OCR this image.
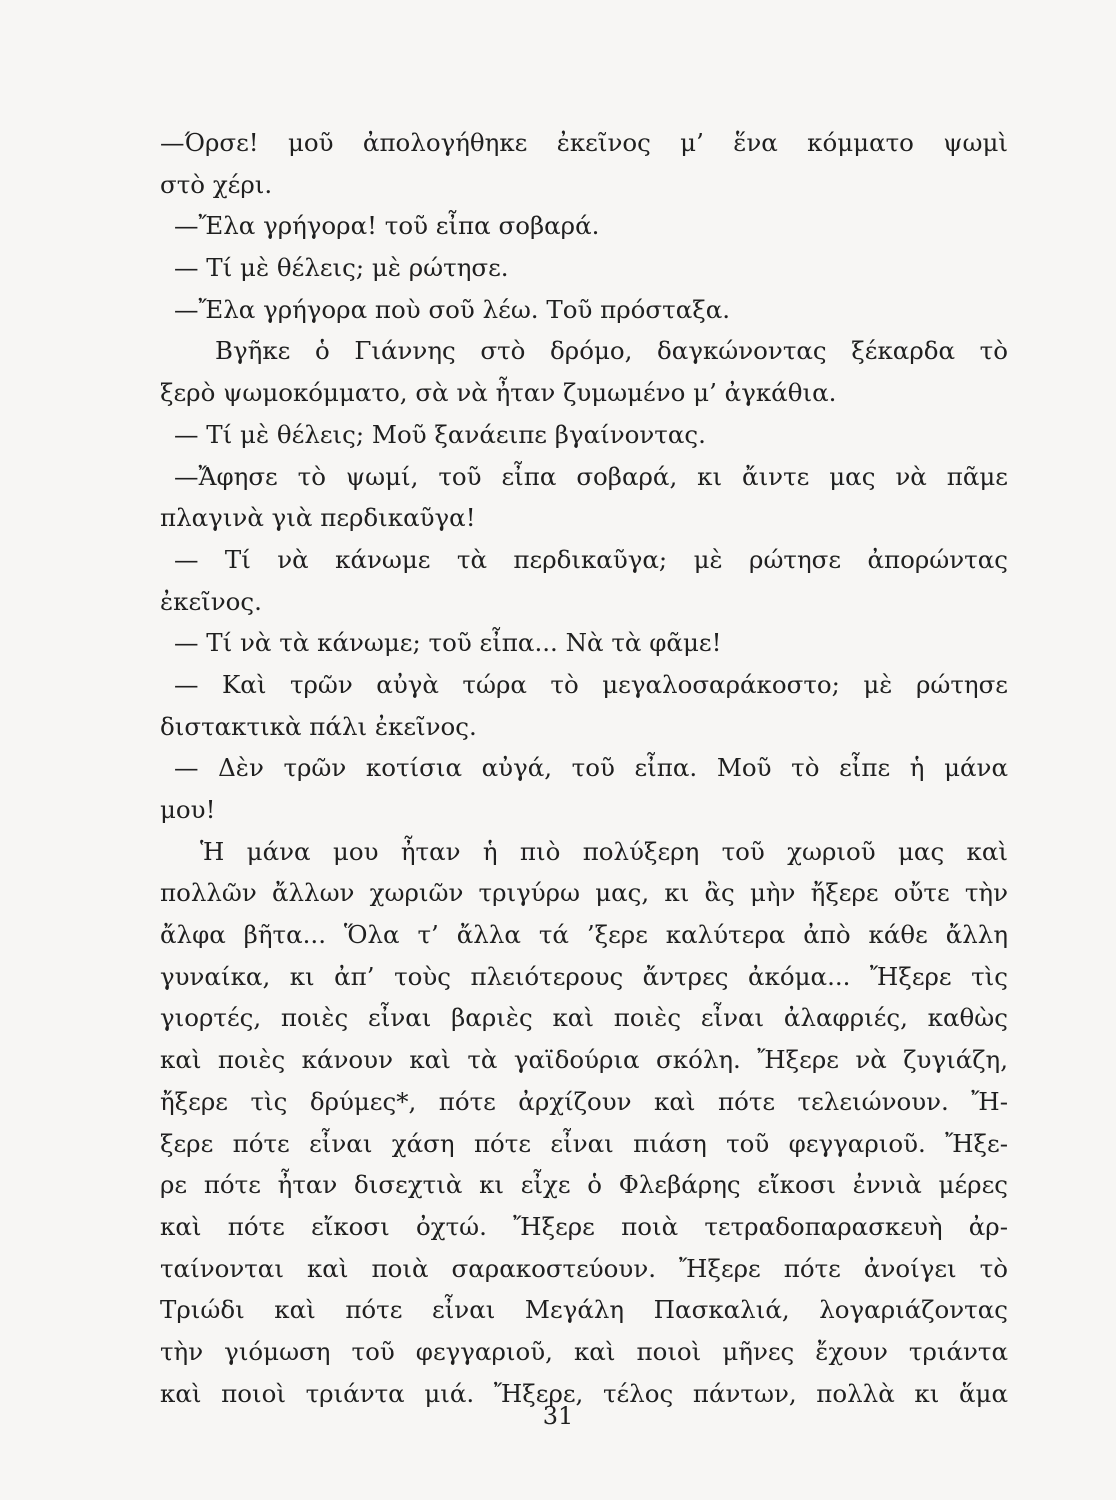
—Όρσε! μοῦ ἀπολογήθηκε ἐκεῖνος μ’ ἕνα κόμματο ψωμὶ
στὸ χέρι.
—Ἔλα γρήγορα! τοῦ εἶπα σοβαρά.
— Τί μὲ θέλεις; μὲ ρώτησε.
—Ἔλα γρήγορα ποὺ σοῦ λέω. Τοῦ πρόσταξα.
Βγῆκε ὁ Γιάννης στὸ δρόμο, δαγκώνοντας ξέκαρδα τὸ
ξερὸ ψωμοκόμματο, σὰ νὰ ἦταν ζυμωμένο μ’ ἀγκάθια.
— Τί μὲ θέλεις; Μοῦ ξανάειπε βγαίνοντας.
—Ἄφησε τὸ ψωμί, τοῦ εἶπα σοβαρά, κι ἄιντε μας νὰ πᾶμε
πλαγινὰ γιὰ περδικαῦγα!
— Τί νὰ κάνωμε τὰ περδικαῦγα; μὲ ρώτησε ἀπορώντας
ἐκεῖνος.
— Τί νὰ τὰ κάνωμε; τοῦ εἶπα... Νὰ τὰ φᾶμε!
— Καὶ τρῶν αὐγὰ τώρα τὸ μεγαλοσαράκοστο; μὲ ρώτησε
διστακτικὰ πάλι ἐκεῖνος.
— Δὲν τρῶν κοτίσια αὐγά, τοῦ εἶπα. Μοῦ τὸ εἶπε ἡ μάνα
μου!
Ἡ μάνα μου ἦταν ἡ πιὸ πολύξερη τοῦ χωριοῦ μας καὶ
πολλῶν ἄλλων χωριῶν τριγύρω μας, κι ἂς μὴν ἤξερε οὔτε τὴν
ἄλφα βῆτα... Ὅλα τ’ ἄλλα τά ’ξερε καλύτερα ἀπὸ κάθε ἄλλη
γυναίκα, κι ἀπ’ τοὺς πλειότερους ἄντρες ἀκόμα... Ἤξερε τὶς
γιορτές, ποιὲς εἶναι βαριὲς καὶ ποιὲς εἶναι ἀλαφριές, καθὼς
καὶ ποιὲς κάνουν καὶ τὰ γαϊδούρια σκόλη. Ἤξερε νὰ ζυγιάζη,
ἤξερε τὶς δρύμες*, πότε ἀρχίζουν καὶ πότε τελειώνουν. Ἤ-
ξερε πότε εἶναι χάση πότε εἶναι πιάση τοῦ φεγγαριοῦ. Ἤξε-
ρε πότε ἦταν δισεχτιὰ κι εἶχε ὁ Φλεβάρης εἴκοσι ἐννιὰ μέρες
καὶ πότε εἴκοσι ὀχτώ. Ἤξερε ποιὰ τετραδοπαρασκευὴ ἀρ-
ταίνονται καὶ ποιὰ σαρακοστεύουν. Ἤξερε πότε ἀνοίγει τὸ
Τριώδι καὶ πότε εἶναι Μεγάλη Πασκαλιά, λογαριάζοντας
τὴν γιόμωση τοῦ φεγγαριοῦ, καὶ ποιοὶ μῆνες ἔχουν τριάντα
καὶ ποιοὶ τριάντα μιά. Ἤξερε, τέλος πάντων, πολλὰ κι ἅμα
31
